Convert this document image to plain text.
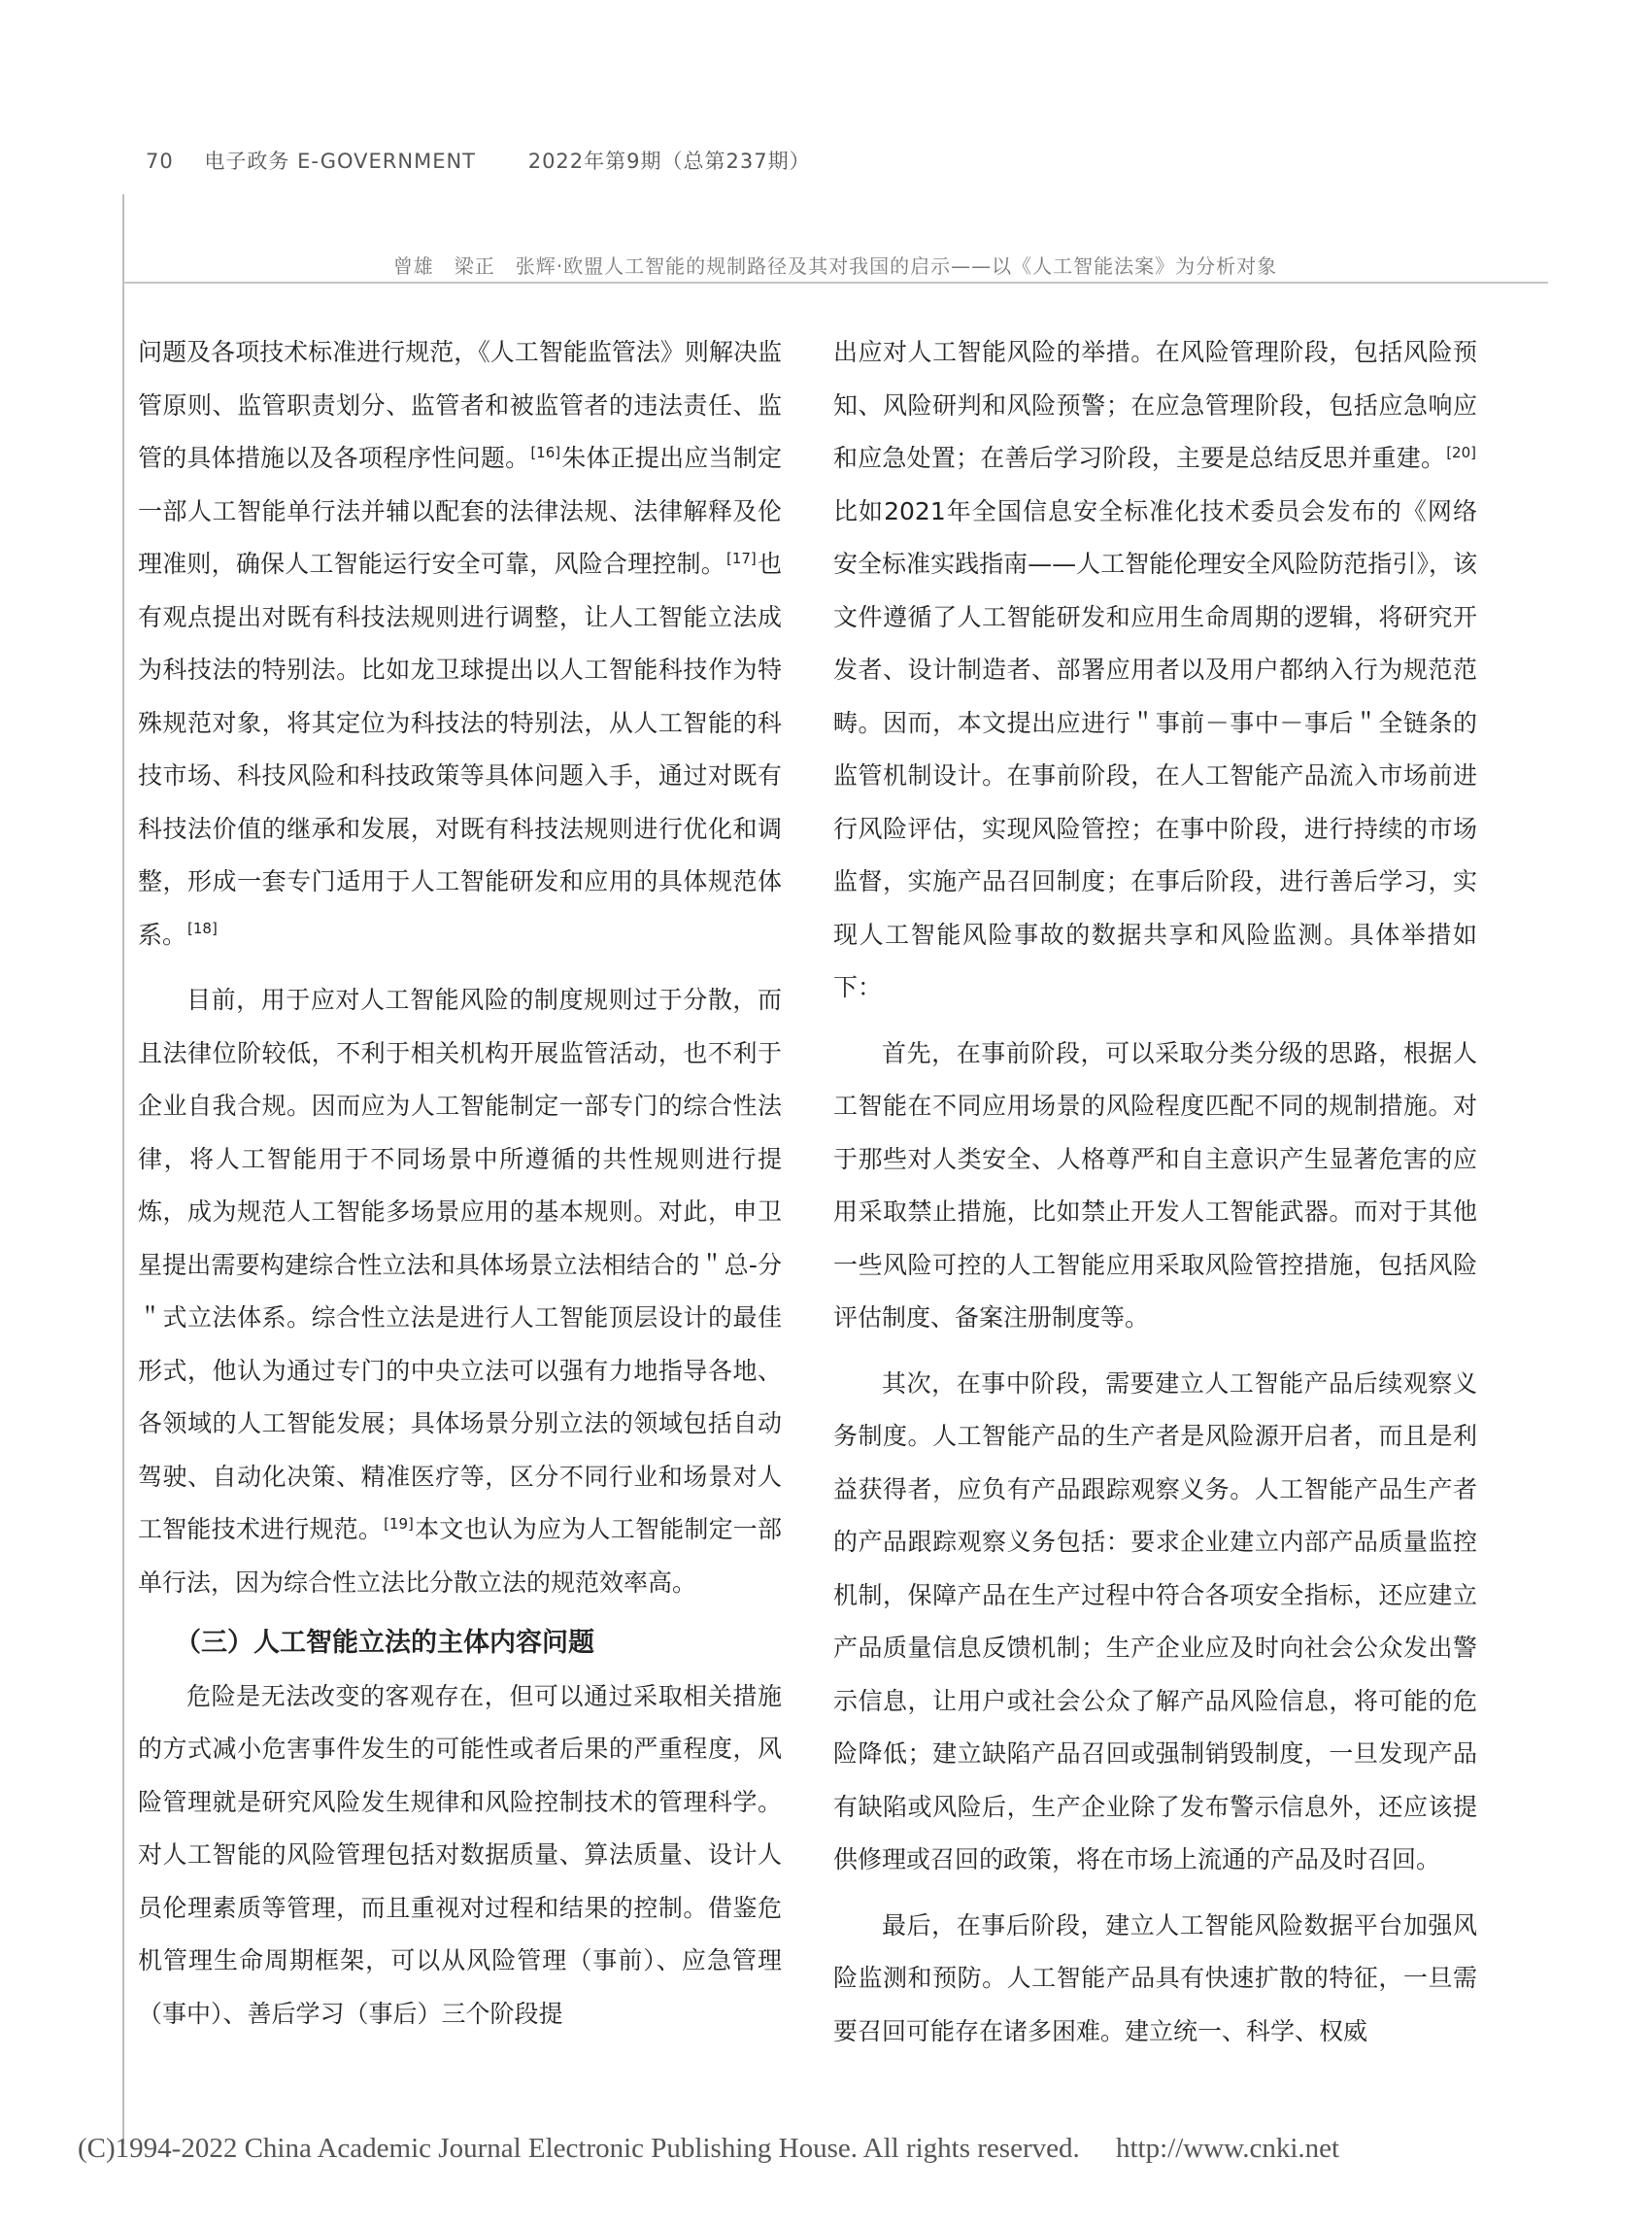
70 电子政务 E-GOVERNMENT	2022年第9期（总第237期）
曾雄　梁正　张辉·欧盟人工智能的规制路径及其对我国的启示——以《人工智能法案》为分析对象

问题及各项技术标准进行规范，《人工智能监管法》则解决监管原则、监管职责划分、监管者和被监管者的违法责任、监管的具体措施以及各项程序性问题。[16]朱体正提出应当制定一部人工智能单行法并辅以配套的法律法规、法律解释及伦理准则，确保人工智能运行安全可靠，风险合理控制。[17]也有观点提出对既有科技法规则进行调整，让人工智能立法成为科技法的特别法。比如龙卫球提出以人工智能科技作为特殊规范对象，将其定位为科技法的特别法，从人工智能的科技市场、科技风险和科技政策等具体问题入手，通过对既有科技法价值的继承和发展，对既有科技法规则进行优化和调整，形成一套专门适用于人工智能研发和应用的具体规范体系。[18]

目前，用于应对人工智能风险的制度规则过于分散，而且法律位阶较低，不利于相关机构开展监管活动，也不利于企业自我合规。因而应为人工智能制定一部专门的综合性法律，将人工智能用于不同场景中所遵循的共性规则进行提炼，成为规范人工智能多场景应用的基本规则。对此，申卫星提出需要构建综合性立法和具体场景立法相结合的＂总-分＂式立法体系。综合性立法是进行人工智能顶层设计的最佳形式，他认为通过专门的中央立法可以强有力地指导各地、各领域的人工智能发展；具体场景分别立法的领域包括自动驾驶、自动化决策、精准医疗等，区分不同行业和场景对人工智能技术进行规范。[19]本文也认为应为人工智能制定一部单行法，因为综合性立法比分散立法的规范效率高。

（三）人工智能立法的主体内容问题

危险是无法改变的客观存在，但可以通过采取相关措施的方式减小危害事件发生的可能性或者后果的严重程度，风险管理就是研究风险发生规律和风险控制技术的管理科学。对人工智能的风险管理包括对数据质量、算法质量、设计人员伦理素质等管理，而且重视对过程和结果的控制。借鉴危机管理生命周期框架，可以从风险管理（事前）、应急管理（事中）、善后学习（事后）三个阶段提

出应对人工智能风险的举措。在风险管理阶段，包括风险预知、风险研判和风险预警；在应急管理阶段，包括应急响应和应急处置；在善后学习阶段，主要是总结反思并重建。[20]比如2021年全国信息安全标准化技术委员会发布的《网络安全标准实践指南——人工智能伦理安全风险防范指引》，该文件遵循了人工智能研发和应用生命周期的逻辑，将研究开发者、设计制造者、部署应用者以及用户都纳入行为规范范畴。因而，本文提出应进行＂事前－事中－事后＂全链条的监管机制设计。在事前阶段，在人工智能产品流入市场前进行风险评估，实现风险管控；在事中阶段，进行持续的市场监督，实施产品召回制度；在事后阶段，进行善后学习，实现人工智能风险事故的数据共享和风险监测。具体举措如下：

首先，在事前阶段，可以采取分类分级的思路，根据人工智能在不同应用场景的风险程度匹配不同的规制措施。对于那些对人类安全、人格尊严和自主意识产生显著危害的应用采取禁止措施，比如禁止开发人工智能武器。而对于其他一些风险可控的人工智能应用采取风险管控措施，包括风险评估制度、备案注册制度等。

其次，在事中阶段，需要建立人工智能产品后续观察义务制度。人工智能产品的生产者是风险源开启者，而且是利益获得者，应负有产品跟踪观察义务。人工智能产品生产者的产品跟踪观察义务包括：要求企业建立内部产品质量监控机制，保障产品在生产过程中符合各项安全指标，还应建立产品质量信息反馈机制；生产企业应及时向社会公众发出警示信息，让用户或社会公众了解产品风险信息，将可能的危险降低；建立缺陷产品召回或强制销毁制度，一旦发现产品有缺陷或风险后，生产企业除了发布警示信息外，还应该提供修理或召回的政策，将在市场上流通的产品及时召回。

最后，在事后阶段，建立人工智能风险数据平台加强风险监测和预防。人工智能产品具有快速扩散的特征，一旦需要召回可能存在诸多困难。建立统一、科学、权威

(C)1994-2022 China Academic Journal Electronic Publishing House. All rights reserved. http://www.cnki.net
